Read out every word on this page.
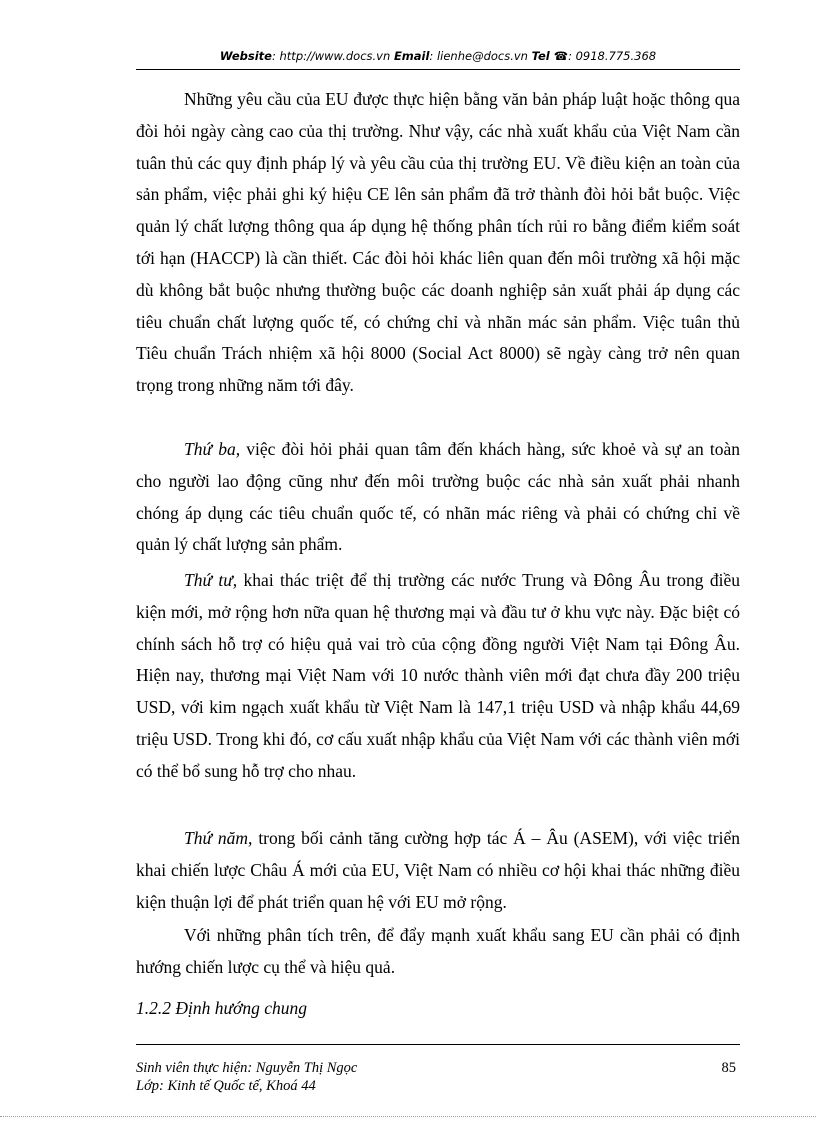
Website: http://www.docs.vn Email: lienhe@docs.vn Tel ☎: 0918.775.368

Những yêu cầu của EU được thực hiện bằng văn bản pháp luật hoặc thông qua đòi hỏi ngày càng cao của thị trường. Như vậy, các nhà xuất khẩu của Việt Nam cần tuân thủ các quy định pháp lý và yêu cầu của thị trường EU. Về điều kiện an toàn của sản phẩm, việc phải ghi ký hiệu CE lên sản phẩm đã trở thành đòi hỏi bắt buộc. Việc quản lý chất lượng thông qua áp dụng hệ thống phân tích rủi ro bằng điểm kiểm soát tới hạn (HACCP) là cần thiết. Các đòi hỏi khác liên quan đến môi trường xã hội mặc dù không bắt buộc nhưng thường buộc các doanh nghiệp sản xuất phải áp dụng các tiêu chuẩn chất lượng quốc tế, có chứng chỉ và nhãn mác sản phẩm. Việc tuân thủ Tiêu chuẩn Trách nhiệm xã hội 8000 (Social Act 8000) sẽ ngày càng trở nên quan trọng trong những năm tới đây.

Thứ ba, việc đòi hỏi phải quan tâm đến khách hàng, sức khoẻ và sự an toàn cho người lao động cũng như đến môi trường buộc các nhà sản xuất phải nhanh chóng áp dụng các tiêu chuẩn quốc tế, có nhãn mác riêng và phải có chứng chỉ về quản lý chất lượng sản phẩm.

Thứ tư, khai thác triệt để thị trường các nước Trung và Đông Âu trong điều kiện mới, mở rộng hơn nữa quan hệ thương mại và đầu tư ở khu vực này. Đặc biệt có chính sách hỗ trợ có hiệu quả vai trò của cộng đồng người Việt Nam tại Đông Âu. Hiện nay, thương mại Việt Nam với 10 nước thành viên mới đạt chưa đầy 200 triệu USD, với kim ngạch xuất khẩu từ Việt Nam là 147,1 triệu USD và nhập khẩu 44,69 triệu USD. Trong khi đó, cơ cấu xuất nhập khẩu của Việt Nam với các thành viên mới có thể bổ sung hỗ trợ cho nhau.

Thứ năm, trong bối cảnh tăng cường hợp tác Á – Âu (ASEM), với việc triển khai chiến lược Châu Á mới của EU, Việt Nam có nhiều cơ hội khai thác những điều kiện thuận lợi để phát triển quan hệ với EU mở rộng.

Với những phân tích trên, để đẩy mạnh xuất khẩu sang EU cần phải có định hướng chiến lược cụ thể và hiệu quả.

1.2.2 Định hướng chung
Sinh viên thực hiện: Nguyễn Thị Ngọc
Lớp: Kinh tế Quốc tế, Khoá 44
85
